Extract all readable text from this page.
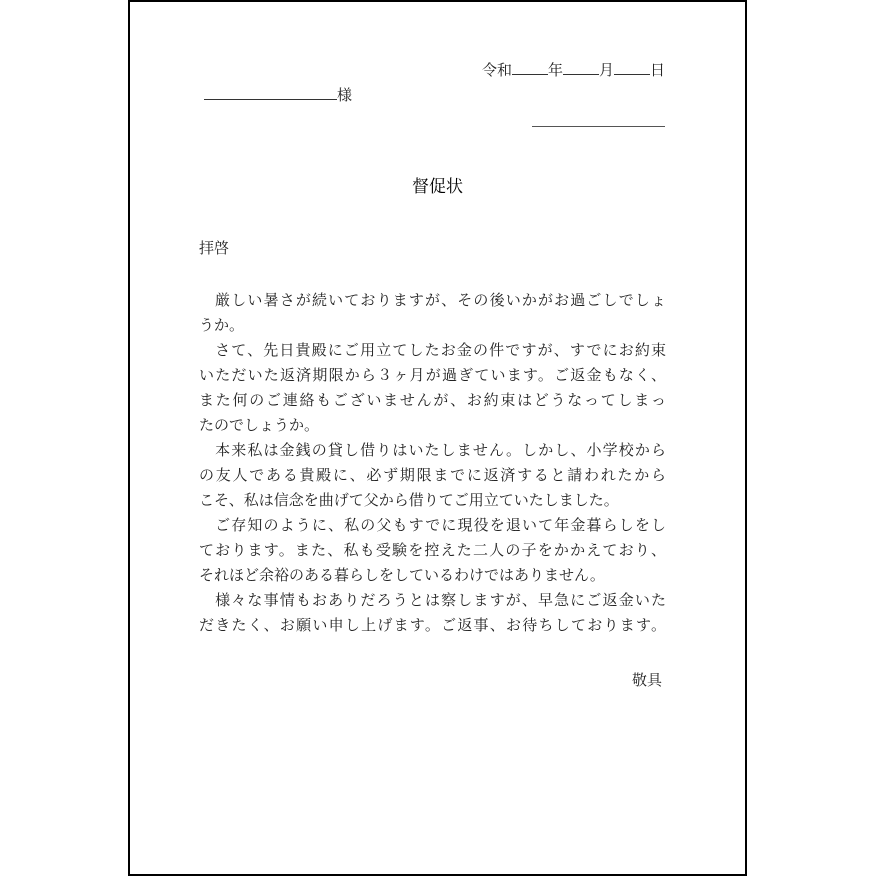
令和 年 月 日
様
督促状
拝啓
　厳しい暑さが続いておりますが、その後いかがお過ごしでしょ
うか。
　さて、先日貴殿にご用立てしたお金の件ですが、すでにお約束
いただいた返済期限から３ヶ月が過ぎています。ご返金もなく、
また何のご連絡もございませんが、お約束はどうなってしまっ
たのでしょうか。
　本来私は金銭の貸し借りはいたしません。しかし、小学校から
の友人である貴殿に、必ず期限までに返済すると請われたから
こそ、私は信念を曲げて父から借りてご用立ていたしました。
　ご存知のように、私の父もすでに現役を退いて年金暮らしをし
ております。また、私も受験を控えた二人の子をかかえており、
それほど余裕のある暮らしをしているわけではありません。
　様々な事情もおありだろうとは察しますが、早急にご返金いた
だきたく、お願い申し上げます。ご返事、お待ちしております。
敬具
